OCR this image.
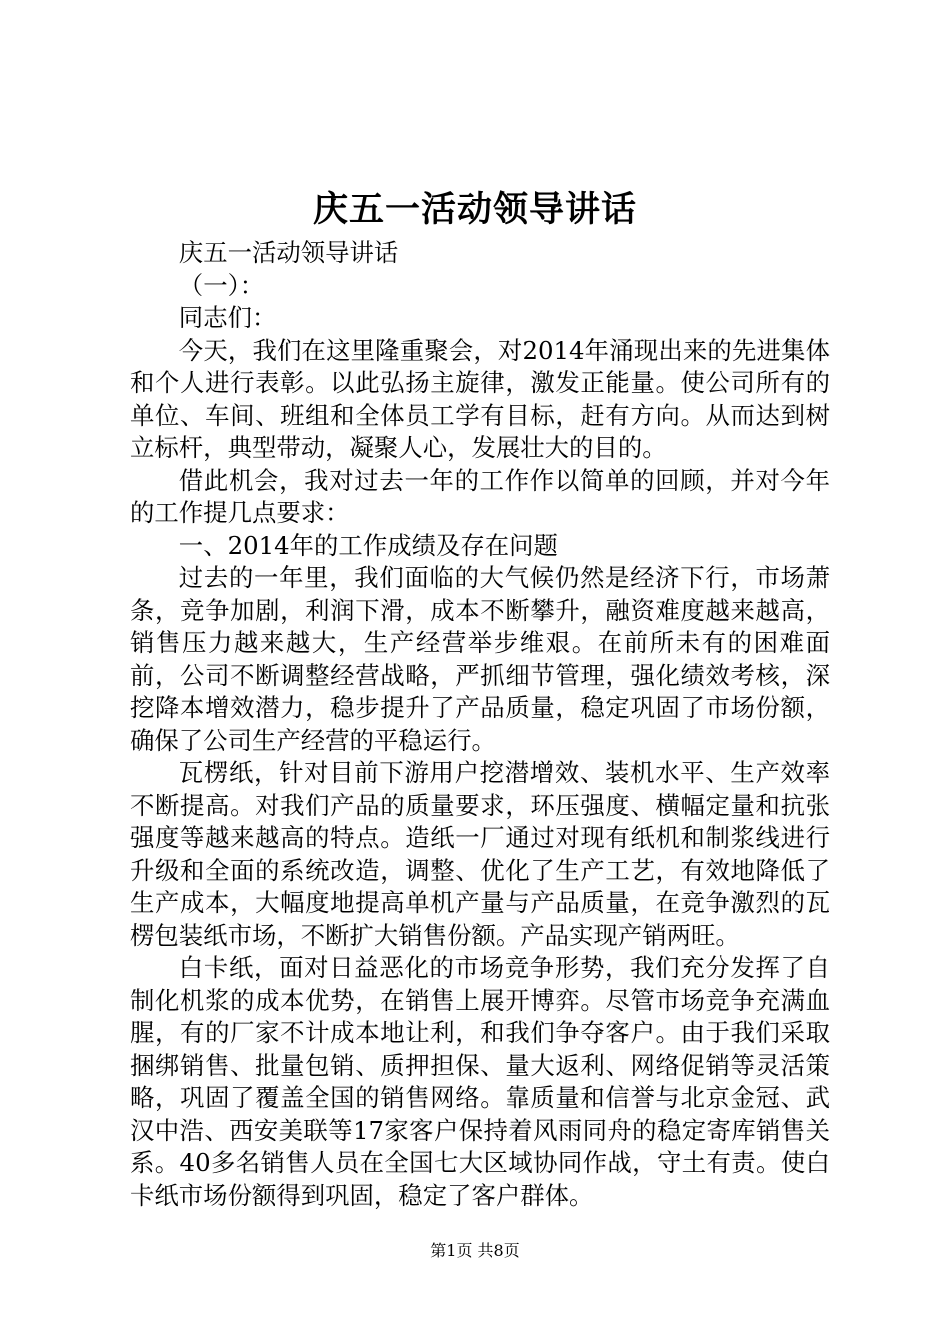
庆五一活动领导讲话

庆五一活动领导讲话

（一）：

同志们：

今天，我们在这里隆重聚会，对2014年涌现出来的先进集体和个人进行表彰。以此弘扬主旋律，激发正能量。使公司所有的单位、车间、班组和全体员工学有目标，赶有方向。从而达到树立标杆，典型带动，凝聚人心，发展壮大的目的。

借此机会，我对过去一年的工作作以简单的回顾，并对今年的工作提几点要求：

一、2014年的工作成绩及存在问题

过去的一年里，我们面临的大气候仍然是经济下行，市场萧条，竞争加剧，利润下滑，成本不断攀升，融资难度越来越高，销售压力越来越大，生产经营举步维艰。在前所未有的困难面前，公司不断调整经营战略，严抓细节管理，强化绩效考核，深挖降本增效潜力，稳步提升了产品质量，稳定巩固了市场份额，确保了公司生产经营的平稳运行。

瓦楞纸，针对目前下游用户挖潜增效、装机水平、生产效率不断提高。对我们产品的质量要求，环压强度、横幅定量和抗张强度等越来越高的特点。造纸一厂通过对现有纸机和制浆线进行升级和全面的系统改造，调整、优化了生产工艺，有效地降低了生产成本，大幅度地提高单机产量与产品质量，在竞争激烈的瓦楞包装纸市场，不断扩大销售份额。产品实现产销两旺。

白卡纸，面对日益恶化的市场竞争形势，我们充分发挥了自制化机浆的成本优势，在销售上展开博弈。尽管市场竞争充满血腥，有的厂家不计成本地让利，和我们争夺客户。由于我们采取捆绑销售、批量包销、质押担保、量大返利、网络促销等灵活策略，巩固了覆盖全国的销售网络。靠质量和信誉与北京金冠、武汉中浩、西安美联等17家客户保持着风雨同舟的稳定寄库销售关系。40多名销售人员在全国七大区域协同作战，守土有责。使白卡纸市场份额得到巩固，稳定了客户群体。

第1页 共8页
